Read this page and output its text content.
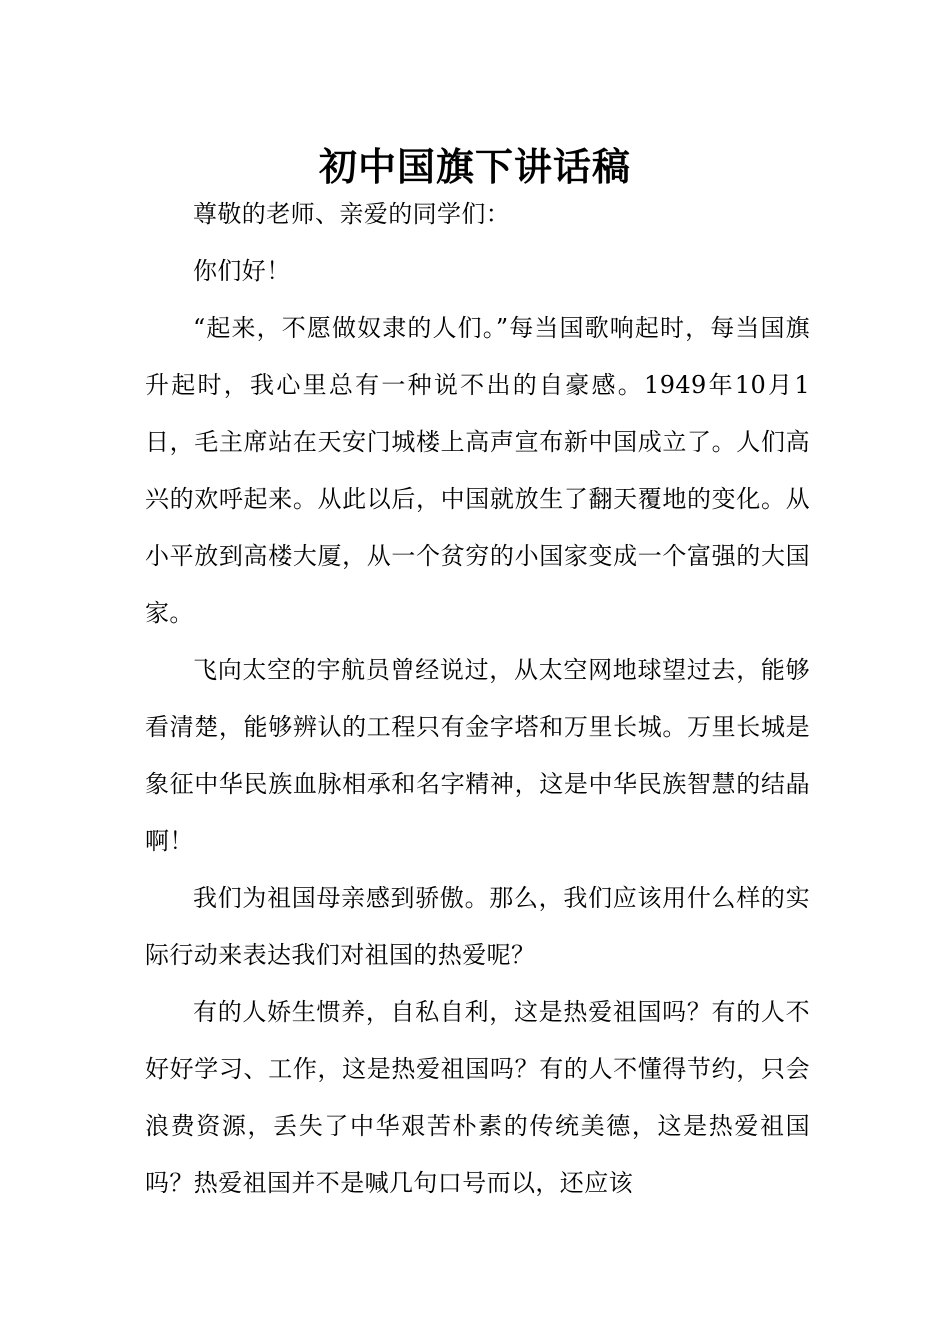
初中国旗下讲话稿

尊敬的老师、亲爱的同学们：

你们好！

“起来，不愿做奴隶的人们。”每当国歌响起时，每当国旗升起时，我心里总有一种说不出的自豪感。1949年10月1日，毛主席站在天安门城楼上高声宣布新中国成立了。人们高兴的欢呼起来。从此以后，中国就放生了翻天覆地的变化。从小平放到高楼大厦，从一个贫穷的小国家变成一个富强的大国家。

飞向太空的宇航员曾经说过，从太空网地球望过去，能够看清楚，能够辨认的工程只有金字塔和万里长城。万里长城是象征中华民族血脉相承和名字精神，这是中华民族智慧的结晶啊！

我们为祖国母亲感到骄傲。那么，我们应该用什么样的实际行动来表达我们对祖国的热爱呢？

有的人娇生惯养，自私自利，这是热爱祖国吗？有的人不好好学习、工作，这是热爱祖国吗？有的人不懂得节约，只会浪费资源，丢失了中华艰苦朴素的传统美德，这是热爱祖国吗？热爱祖国并不是喊几句口号而以，还应该
